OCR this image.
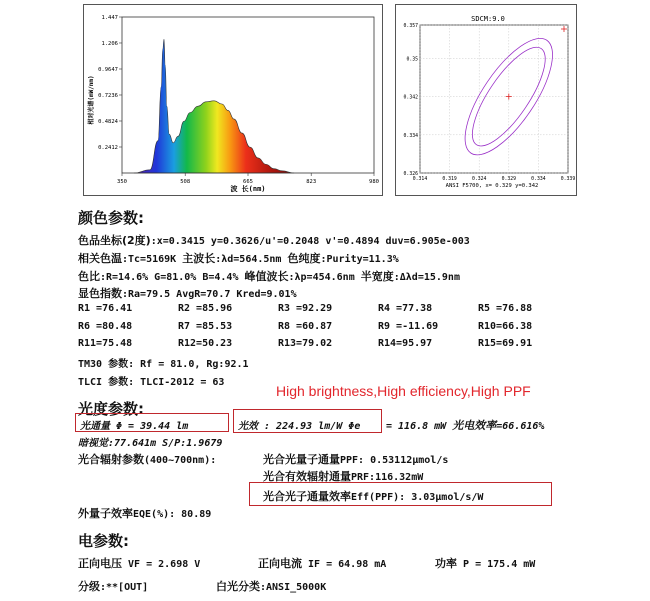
350	508	665	823	980
0.2412
0.4824
0.7236
0.9647
1.206
1.447
波 长(nm)
相对光谱(mW/nm)
SDCM:9.0
0.314	0.319	0.324	0.329	0.334	0.339
0.326
0.334
0.342
0.35
0.357
ANSI F5700, x= 0.329 y=0.342
颜色参数:
色品坐标(2度):x=0.3415 y=0.3626/u'=0.2048 v'=0.4894 duv=6.905e-003
相关色温:Tc=5169K 主波长:λd=564.5nm 色纯度:Purity=11.3%
色比:R=14.6% G=81.0% B=4.4% 峰值波长:λp=454.6nm 半宽度:Δλd=15.9nm
显色指数:Ra=79.5 AvgR=70.7 Kred=9.01%
R1 =76.41	R2 =85.96	R3 =92.29	R4 =77.38	R5 =76.88
R6 =80.48	R7 =85.53	R8 =60.87	R9 =-11.69	R10=66.38
R11=75.48	R12=50.23	R13=79.02	R14=95.97	R15=69.91
TM30 参数: Rf = 81.0, Rg:92.1
TLCI 参数: TLCI-2012 = 63
High brightness,High efficiency,High PPF
光度参数:
光通量 Φ = 39.44 lm	光效 : 224.93 lm/W Φe	= 116.8 mW 光电效率=66.616%
暗视觉:77.641m S/P:1.9679
光合辐射参数(400~700nm):	光合光量子通量PPF: 0.53112μmol/s
光合有效辐射通量PRF:116.32mW
光合光子通量效率Eff(PPF): 3.03μmol/s/W
外量子效率EQE(%): 80.89
电参数:
正向电压 VF = 2.698 V	正向电流 IF = 64.98 mA	功率 P = 175.4 mW
分级:**[OUT]	白光分类:ANSI_5000K
